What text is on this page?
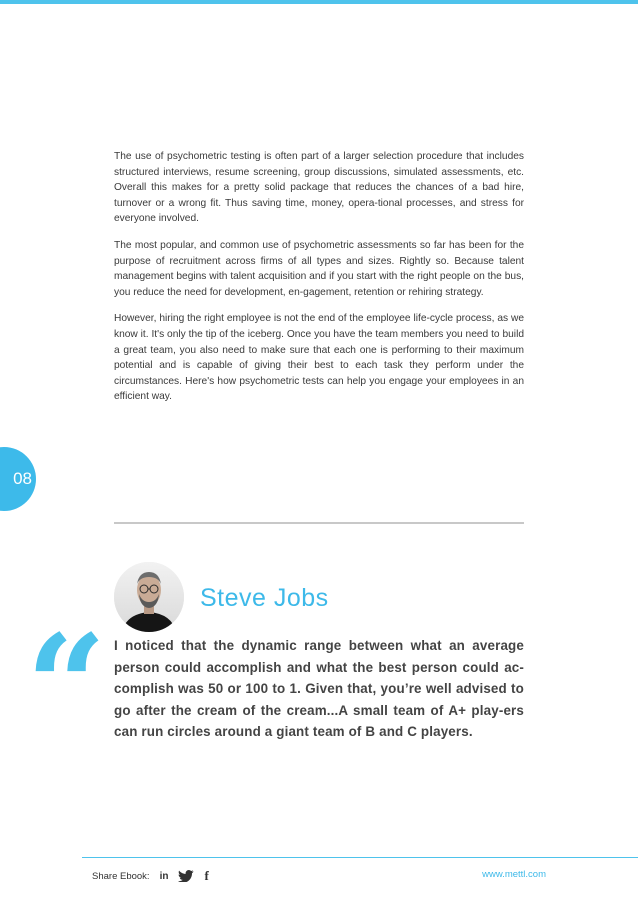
The use of psychometric testing is often part of a larger selection procedure that includes structured interviews, resume screening, group discussions, simulated assessments, etc. Overall this makes for a pretty solid package that reduces the chances of a bad hire, turnover or a wrong fit. Thus saving time, money, opera-tional processes, and stress for everyone involved.

The most popular, and common use of psychometric assessments so far has been for the purpose of recruitment across firms of all types and sizes. Rightly so. Because talent management begins with talent acquisition and if you start with the right people on the bus, you reduce the need for development, en-gagement, retention or rehiring strategy.

However, hiring the right employee is not the end of the employee life-cycle process, as we know it. It's only the tip of the iceberg. Once you have the team members you need to build a great team, you also need to make sure that each one is performing to their maximum potential and is capable of giving their best to each task they perform under the circumstances. Here's how psychometric tests can help you engage your employees in an efficient way.

08
Steve Jobs
“ I noticed that the dynamic range between what an average person could accomplish and what the best person could ac-complish was 50 or 100 to 1. Given that, you’re well advised to go after the cream of the cream...A small team of A+ play-ers can run circles around a giant team of B and C players.
Share Ebook: in	f	www.mettl.com
